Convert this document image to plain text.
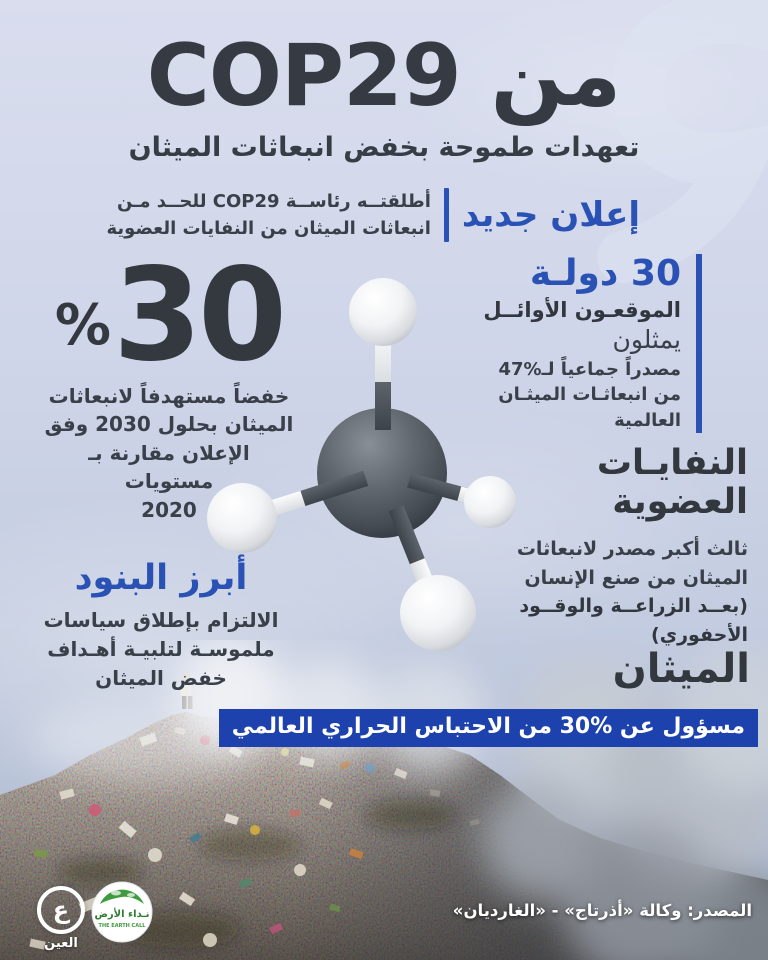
من COP29
تعهدات طموحة بخفض انبعاثات الميثان
إعلان جديد
أطلقتــه رئاســة COP29 للحــد مـن
انبعاثات الميثان من النفايات العضوية
% 30
خفضاً مستهدفاً لانبعاثات
الميثان بحلول 2030 وفق
الإعلان مقارنة بـ مستويات
2020
30 دولـة
الموقعـون الأوائــل
يمثلون
مصدراً جماعياً لـ%47
من انبعاثـات الميثـان
العالمية
النفايـات
العضوية
ثالث أكبر مصدر لانبعاثات
الميثان من صنع الإنسان
(بعــد الزراعــة والوقــود
الأحفوري)
أبرز البنود
الالتزام بإطلاق سياسات
ملموسـة لتلبيـة أهـداف
خفض الميثان	الميثان
مسؤول عن %30 من الاحتباس الحراري العالمي
ع
العين
نـداء الأرض
THE EARTH CALL
المصدر: وكالة «أذرتاج» - «الغارديان»
